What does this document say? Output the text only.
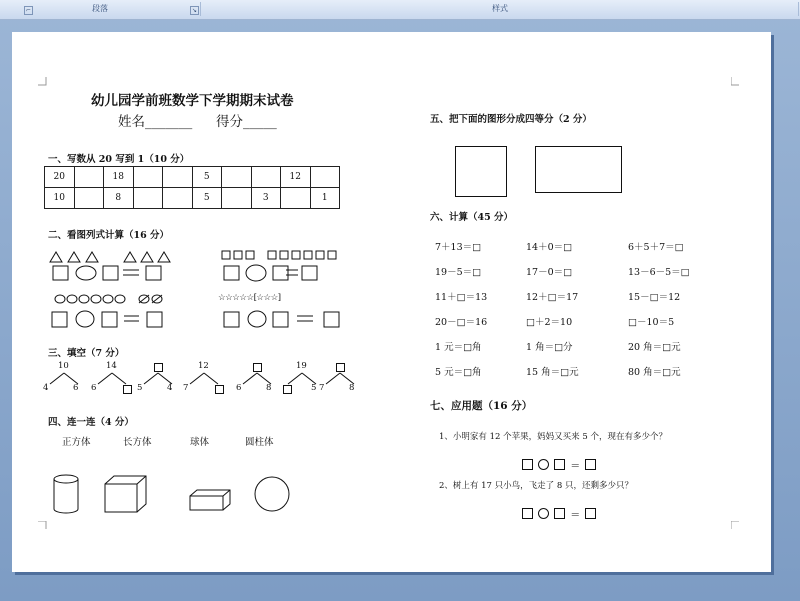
⌐	段落	↘	样式
幼儿园学前班数学下学期期末试卷
姓名_______ 得分_____
一、写数从 20 写到 1（10 分）
20		18			5			12	
10		8			5		3		1
二、看图列式计算（16 分）
☆☆☆☆☆[☆☆☆]
三、填空（7 分）
10
4	6
14
6	5	4
12
7	6	8
19
5 7	8
四、连一连（4 分）
正方体	长方体	球体	圆柱体
五、把下面的图形分成四等分（2 分）
六、计算（45 分）
7＋13＝□	14＋0＝□	6＋5＋7＝□
19－5＝□	17－0＝□	13－6－5＝□
11＋□＝13	12＋□＝17	15－□＝12
20－□＝16	□＋2＝10	□－10＝5
1 元＝□角	1 角＝□分	20 角＝□元
5 元＝□角	15 角＝□元	80 角＝□元
七、应用题（16 分）
1、小明家有 12 个苹果，妈妈又买来 5 个，现在有多少个？
＝
2、树上有 17 只小鸟，飞走了 8 只，还剩多少只？
＝
